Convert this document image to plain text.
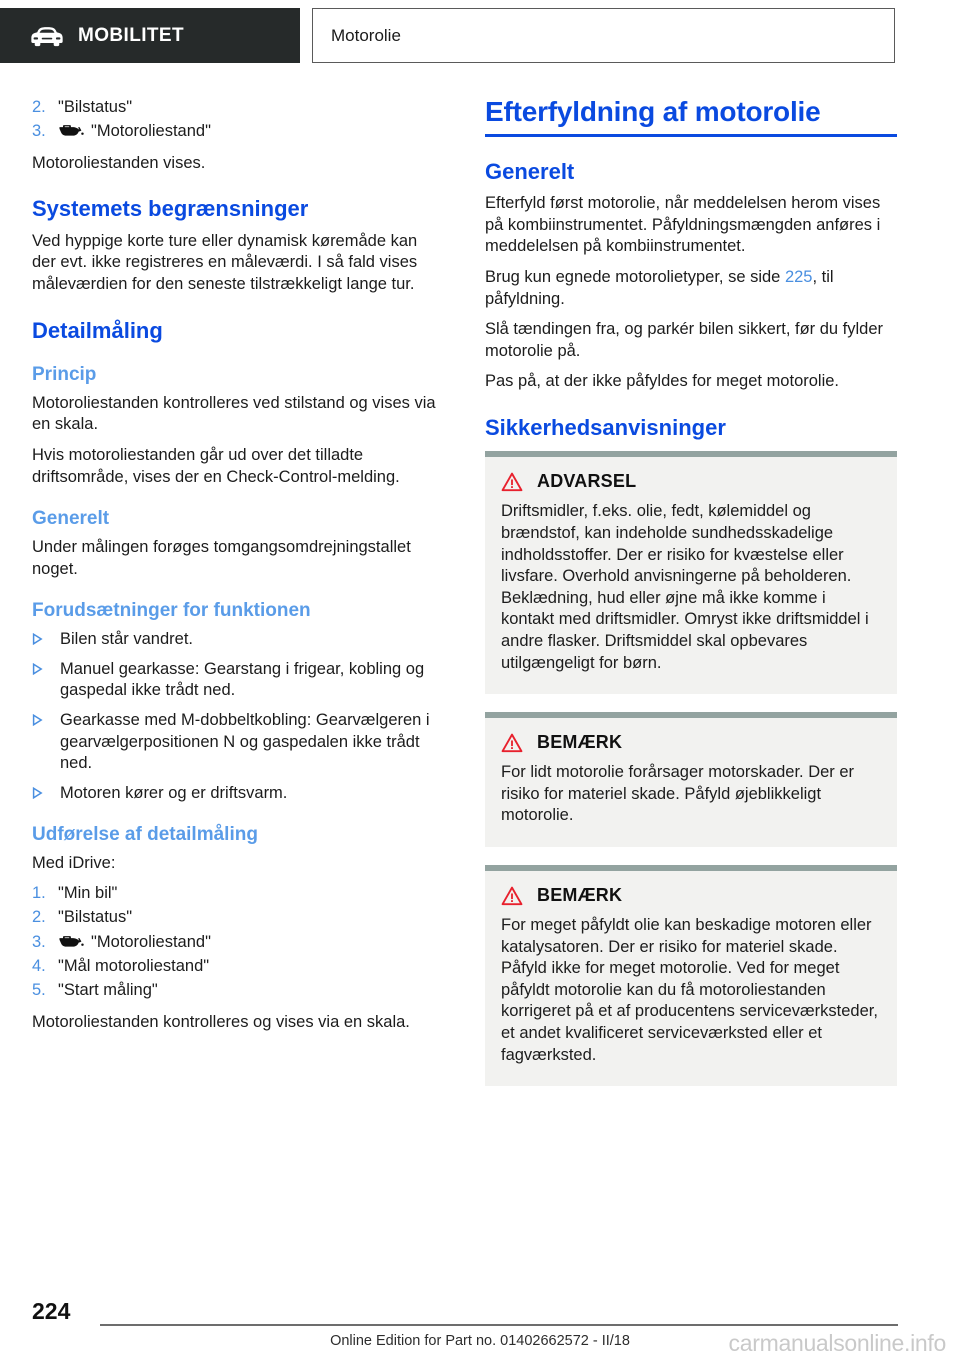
MOBILITET	Motorolie
2. "Bilstatus"
3.	"Motoroliestand"

Motoroliestanden vises.

Systemets begrænsninger

Ved hyppige korte ture eller dynamisk køremåde kan der evt. ikke registreres en måleværdi. I så fald vises måleværdien for den seneste tilstrækkeligt lange tur.

Detailmåling
Princip

Motoroliestanden kontrolleres ved stilstand og vises via en skala.

Hvis motoroliestanden går ud over det tilladte driftsområde, vises der en Check-Control-melding.

Generelt

Under målingen forøges tomgangsomdrejningstallet noget.

Forudsætninger for funktionen
Bilen står vandret.
Manuel gearkasse: Gearstang i frigear, kobling og gaspedal ikke trådt ned.
Gearkasse med M-dobbeltkobling: Gearvælgeren i gearvælgerpositionen N og gaspedalen ikke trådt ned.
Motoren kører og er driftsvarm.
Udførelse af detailmåling

Med iDrive:

1. "Min bil"
2. "Bilstatus"
3.	"Motoroliestand"
4. "Mål motoroliestand"
5. "Start måling"

Motoroliestanden kontrolleres og vises via en skala.

Efterfyldning af motorolie
Generelt

Efterfyld først motorolie, når meddelelsen herom vises på kombiinstrumentet. Påfyldningsmængden anføres i meddelelsen på kombiinstrumentet.

Brug kun egnede motorolietyper, se side 225, til påfyldning.

Slå tændingen fra, og parkér bilen sikkert, før du fylder motorolie på.

Pas på, at der ikke påfyldes for meget motorolie.

Sikkerhedsanvisninger
ADVARSEL

Driftsmidler, f.eks. olie, fedt, kølemiddel og brændstof, kan indeholde sundhedsskadelige indholdsstoffer. Der er risiko for kvæstelse eller livsfare. Overhold anvisningerne på beholderen. Beklædning, hud eller øjne må ikke komme i kontakt med driftsmidler. Omryst ikke driftsmiddel i andre flasker. Driftsmiddel skal opbevares utilgængeligt for børn.

BEMÆRK

For lidt motorolie forårsager motorskader. Der er risiko for materiel skade. Påfyld øjeblikkeligt motorolie.

BEMÆRK

For meget påfyldt olie kan beskadige motoren eller katalysatoren. Der er risiko for materiel skade. Påfyld ikke for meget motorolie. Ved for meget påfyldt motorolie kan du få motoroliestanden korrigeret på et af producentens serviceværksteder, et andet kvalificeret serviceværksted eller et fagværksted.

224
Online Edition for Part no. 01402662572 - II/18	carmanualsonline.info
